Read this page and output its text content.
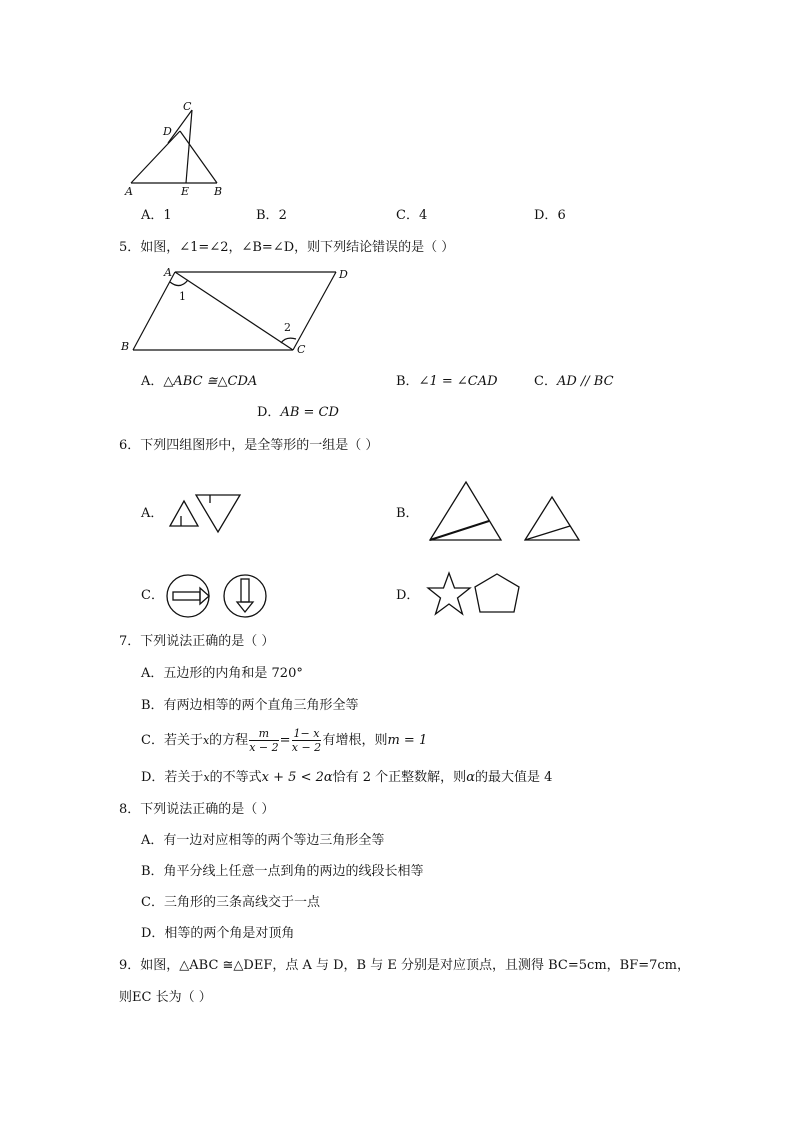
C
D
A	E B
A．1	B．2	C．4	D．6
5．如图，∠1=∠2，∠B=∠D，则下列结论错误的是（ ）
A	D
B	C
1
2
A．△ABC ≅△CDA	B．∠1 = ∠CAD	C．AD // BC
D．AB = CD
6．下列四组图形中，是全等形的一组是（ ）
A．	B．
C．	D．
7．下列说法正确的是（ ）
A．五边形的内角和是 720°
B．有两边相等的两个直角三角形全等
C．若关于x的方程 $\frac{m}{x - 2} = \frac{1- x}{x - 2}$ 有增根，则m = 1
D．若关于x的不等式x + 5 < 2α恰有 2 个正整数解，则α的最大值是 4
8．下列说法正确的是（ ）
A．有一边对应相等的两个等边三角形全等
B．角平分线上任意一点到角的两边的线段长相等
C．三角形的三条高线交于一点
D．相等的两个角是对顶角
9．如图，△ABC ≅△DEF，点 A 与 D，B 与 E 分别是对应顶点，且测得 BC=5cm，BF=7cm，
则EC 长为（ ）
